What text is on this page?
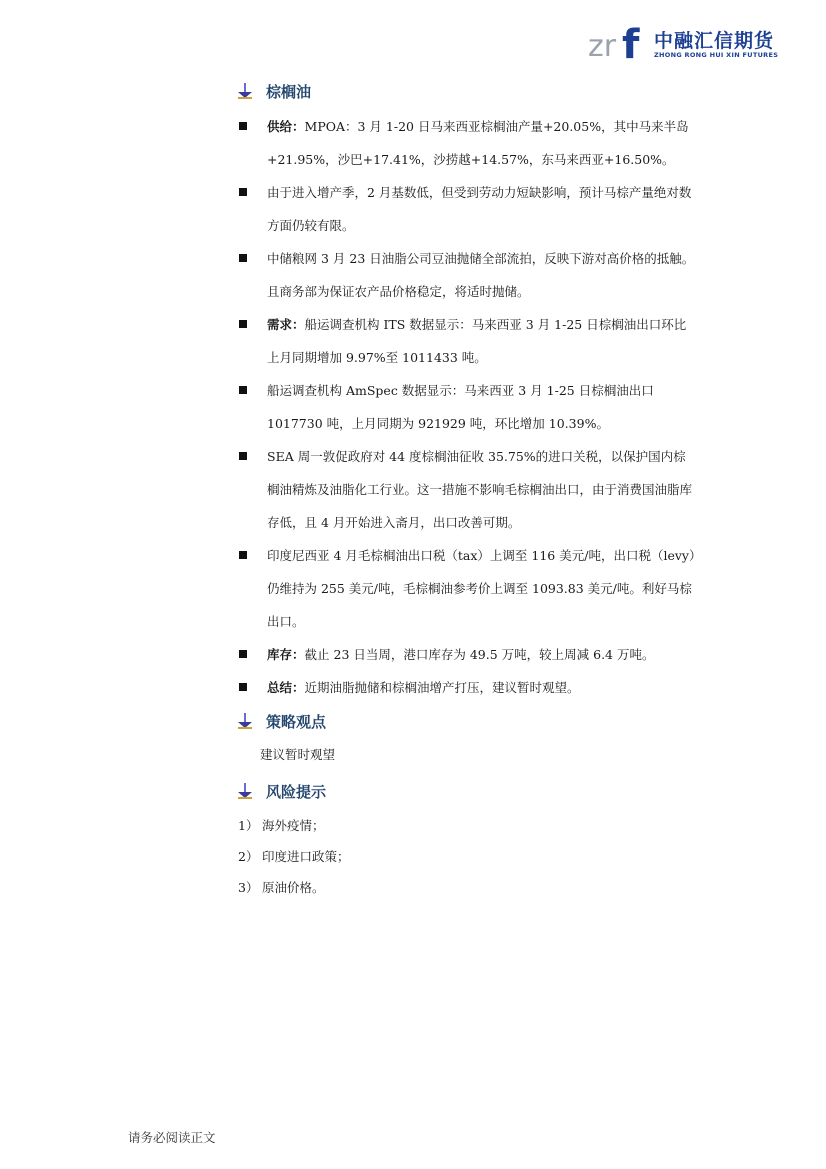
zr f 中融汇信期货
ZHONG RONG HUI XIN FUTURES
棕榈油
供给：MPOA：3 月 1-20 日马来西亚棕榈油产量+20.05%，其中马来半岛+21.95%，沙巴+17.41%，沙捞越+14.57%，东马来西亚+16.50%。
由于进入增产季，2 月基数低，但受到劳动力短缺影响，预计马棕产量绝对数方面仍较有限。
中储粮网 3 月 23 日油脂公司豆油抛储全部流拍，反映下游对高价格的抵触。且商务部为保证农产品价格稳定，将适时抛储。
需求：船运调查机构 ITS 数据显示：马来西亚 3 月 1-25 日棕榈油出口环比上月同期增加 9.97%至 1011433 吨。
船运调查机构 AmSpec 数据显示：马来西亚 3 月 1-25 日棕榈油出口 1017730 吨，上月同期为 921929 吨，环比增加 10.39%。
SEA 周一敦促政府对 44 度棕榈油征收 35.75%的进口关税，以保护国内棕榈油精炼及油脂化工行业。这一措施不影响毛棕榈油出口，由于消费国油脂库存低，且 4 月开始进入斋月，出口改善可期。
印度尼西亚 4 月毛棕榈油出口税（tax）上调至 116 美元/吨，出口税（levy）仍维持为 255 美元/吨，毛棕榈油参考价上调至 1093.83 美元/吨。利好马棕出口。
库存：截止 23 日当周，港口库存为 49.5 万吨，较上周减 6.4 万吨。
总结：近期油脂抛储和棕榈油增产打压，建议暂时观望。
策略观点

建议暂时观望

风险提示
1） 海外疫情；
2） 印度进口政策；
3） 原油价格。
请务必阅读正文
